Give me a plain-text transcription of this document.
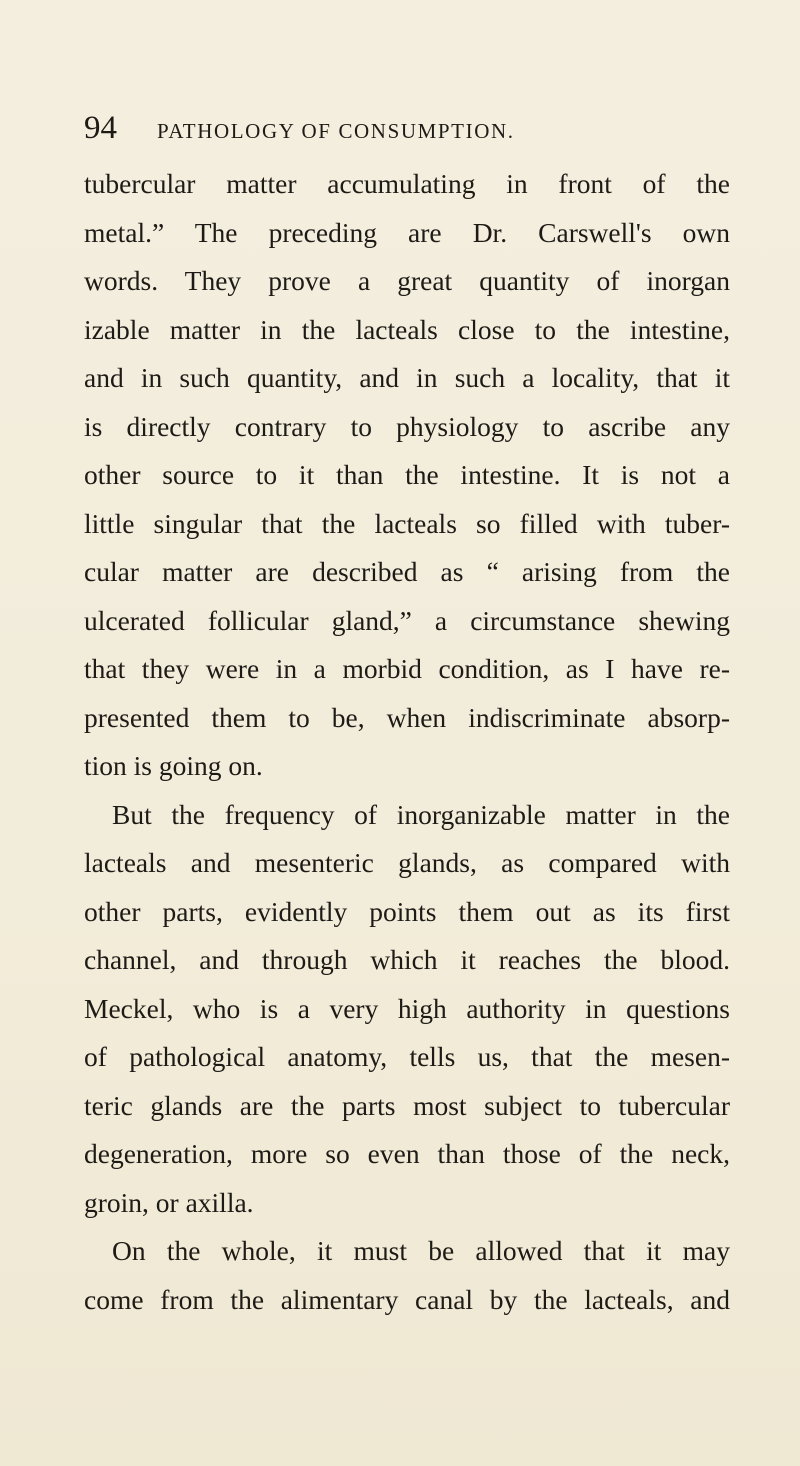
94 PATHOLOGY OF CONSUMPTION.
tubercular matter accumulating in front of the
metal.” The preceding are Dr. Carswell's own
words. They prove a great quantity of inorgan
izable matter in the lacteals close to the intestine,
and in such quantity, and in such a locality, that it
is directly contrary to physiology to ascribe any
other source to it than the intestine. It is not a
little singular that the lacteals so filled with tuber-
cular matter are described as “ arising from the
ulcerated follicular gland,” a circumstance shewing
that they were in a morbid condition, as I have re-
presented them to be, when indiscriminate absorp-
tion is going on.
But the frequency of inorganizable matter in the
lacteals and mesenteric glands, as compared with
other parts, evidently points them out as its first
channel, and through which it reaches the blood.
Meckel, who is a very high authority in questions
of pathological anatomy, tells us, that the mesen-
teric glands are the parts most subject to tubercular
degeneration, more so even than those of the neck,
groin, or axilla.
On the whole, it must be allowed that it may
come from the alimentary canal by the lacteals, and
